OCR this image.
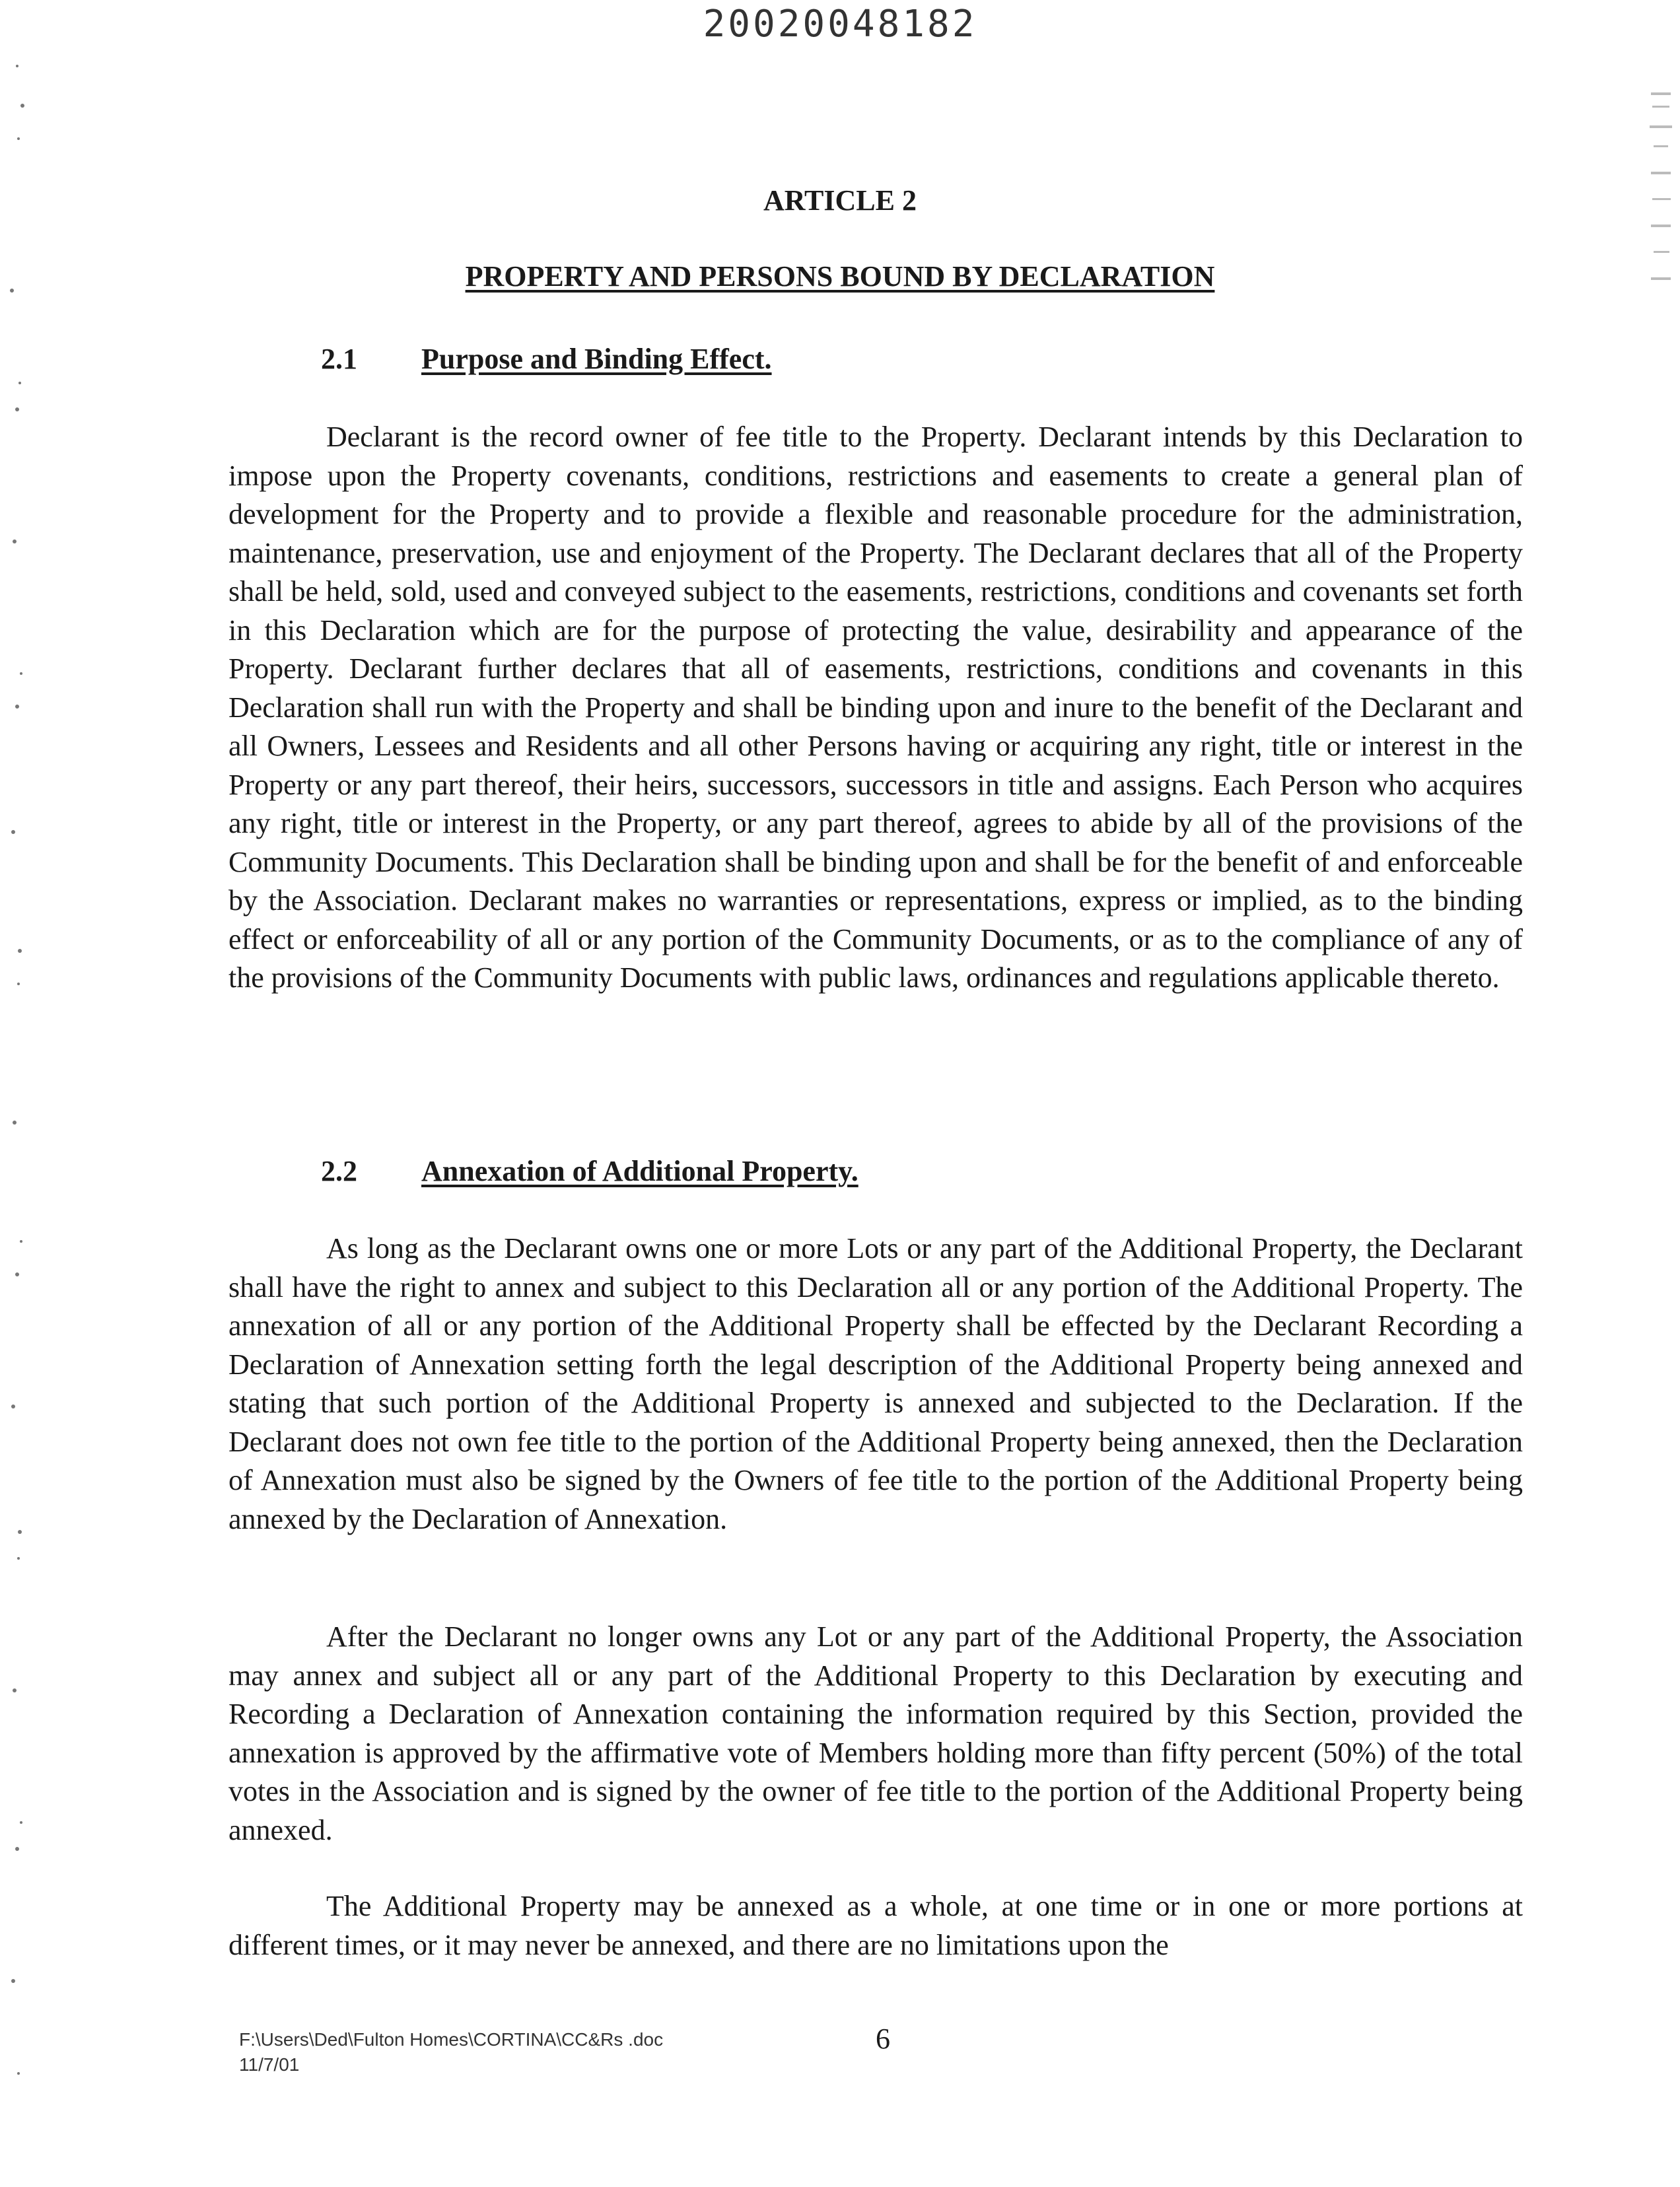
20020048182
ARTICLE 2
PROPERTY AND PERSONS BOUND BY DECLARATION
2.1 Purpose and Binding Effect.

Declarant is the record owner of fee title to the Property. Declarant intends by this Declaration to impose upon the Property covenants, conditions, restrictions and easements to create a general plan of development for the Property and to provide a flexible and reasonable procedure for the administration, maintenance, preservation, use and enjoyment of the Property. The Declarant declares that all of the Property shall be held, sold, used and conveyed subject to the easements, restrictions, conditions and covenants set forth in this Declaration which are for the purpose of protecting the value, desirability and appearance of the Property. Declarant further declares that all of easements, restrictions, conditions and covenants in this Declaration shall run with the Property and shall be binding upon and inure to the benefit of the Declarant and all Owners, Lessees and Residents and all other Persons having or acquiring any right, title or interest in the Property or any part thereof, their heirs, successors, successors in title and assigns. Each Person who acquires any right, title or interest in the Property, or any part thereof, agrees to abide by all of the provisions of the Community Documents. This Declaration shall be binding upon and shall be for the benefit of and enforceable by the Association. Declarant makes no warranties or representations, express or implied, as to the binding effect or enforceability of all or any portion of the Community Documents, or as to the compliance of any of the provisions of the Community Documents with public laws, ordinances and regulations applicable thereto.

2.2 Annexation of Additional Property.

As long as the Declarant owns one or more Lots or any part of the Additional Property, the Declarant shall have the right to annex and subject to this Declaration all or any portion of the Additional Property. The annexation of all or any portion of the Additional Property shall be effected by the Declarant Recording a Declaration of Annexation setting forth the legal description of the Additional Property being annexed and stating that such portion of the Additional Property is annexed and subjected to the Declaration. If the Declarant does not own fee title to the portion of the Additional Property being annexed, then the Declaration of Annexation must also be signed by the Owners of fee title to the portion of the Additional Property being annexed by the Declaration of Annexation.

After the Declarant no longer owns any Lot or any part of the Additional Property, the Association may annex and subject all or any part of the Additional Property to this Declaration by executing and Recording a Declaration of Annexation containing the information required by this Section, provided the annexation is approved by the affirmative vote of Members holding more than fifty percent (50%) of the total votes in the Association and is signed by the owner of fee title to the portion of the Additional Property being annexed.

The Additional Property may be annexed as a whole, at one time or in one or more portions at different times, or it may never be annexed, and there are no limitations upon the

F:\Users\Ded\Fulton Homes\CORTINA\CC&Rs .doc
11/7/01
6
